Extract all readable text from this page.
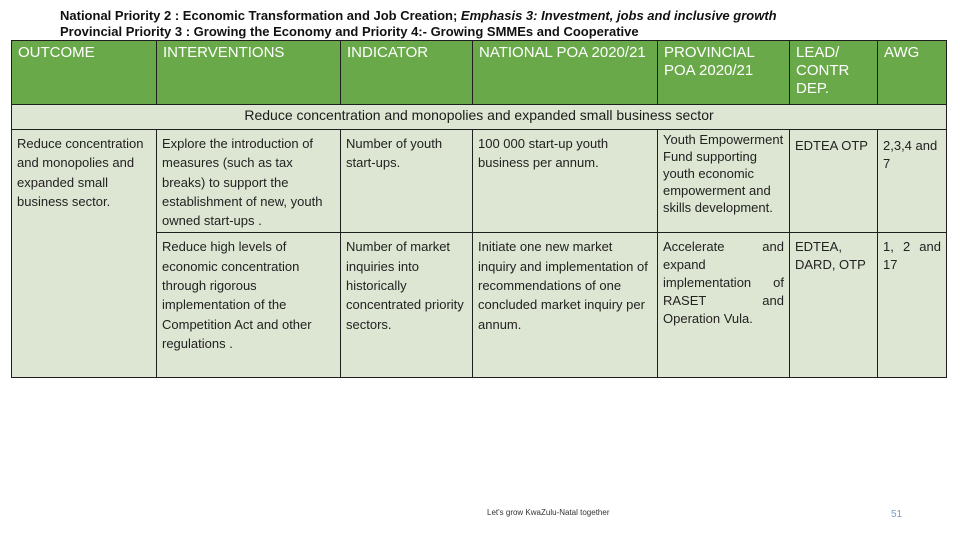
National Priority 2 : Economic Transformation and Job Creation; Emphasis 3: Investment, jobs and inclusive growth
Provincial Priority 3 : Growing the Economy and Priority 4:- Growing SMMEs and Cooperative
OUTCOME	INTERVENTIONS	INDICATOR	NATIONAL POA 2020/21	PROVINCIAL POA 2020/21	LEAD/ CONTR DEP.	AWG
Reduce concentration and monopolies and expanded small business sector						
Reduce concentration and monopolies and expanded small business sector.	Explore the introduction of measures (such as tax breaks) to support the establishment of new, youth owned start-ups .	Number of youth start-ups.	100 000 start-up youth business per annum.	Youth Empowerment Fund supporting youth economic empowerment and skills development.	EDTEA OTP	2,3,4 and 7
	Reduce high levels of economic concentration through rigorous implementation of the Competition Act and other regulations .	Number of market inquiries into historically concentrated priority sectors.	Initiate one new market inquiry and implementation of recommendations of one concluded market inquiry per annum.	Accelerate and expand implementation of RASET and Operation Vula.	EDTEA, DARD, OTP	1, 2 and 17
Let's grow KwaZulu-Natal together	51
